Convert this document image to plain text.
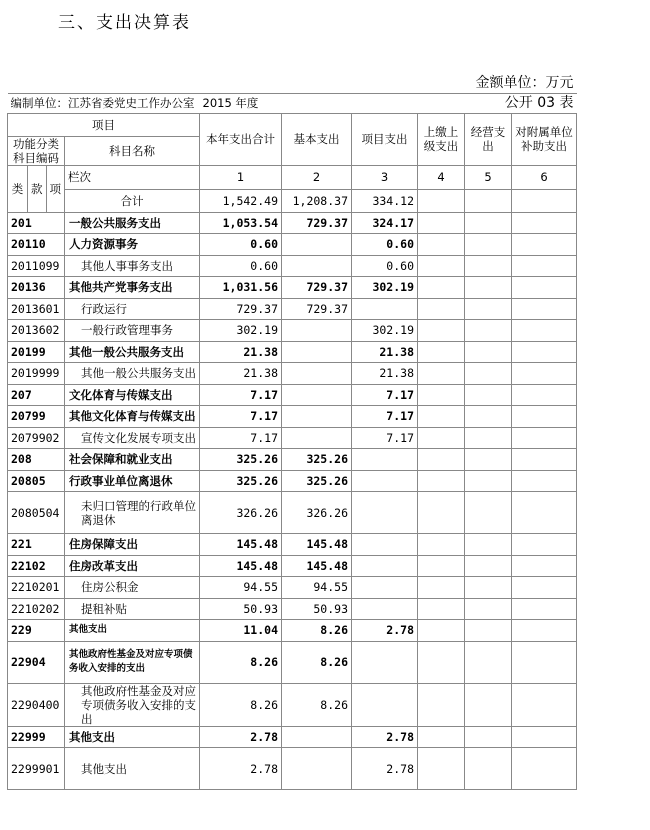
三、支出决算表
							金额单位：万元		
编制单位：江苏省委党史工作办公室				2015 年度		公开 03 表			
项目				本年支出合计	基本支出	项目支出	上缴上级支出	经营支出	对附属单位补助支出
功能分类科目编码			科目名称						

类	款	项	栏次	1	2	3	4	5	6
			合计	1,542.49	1,208.37	334.12			
201			一般公共服务支出	1,053.54	729.37	324.17			
20110			人力资源事务	0.60		0.60			
2011099			其他人事事务支出	0.60		0.60			
20136			其他共产党事务支出	1,031.56	729.37	302.19			
2013601			行政运行	729.37	729.37				
2013602			一般行政管理事务	302.19		302.19			
20199			其他一般公共服务支出	21.38		21.38			
2019999			其他一般公共服务支出	21.38		21.38			
207			文化体育与传媒支出	7.17		7.17			
20799			其他文化体育与传媒支出	7.17		7.17			
2079902			宣传文化发展专项支出	7.17		7.17			
208			社会保障和就业支出	325.26	325.26				
20805			行政事业单位离退休	325.26	325.26				
2080504			未归口管理的行政单位离退休	326.26	326.26				
221			住房保障支出	145.48	145.48				
22102			住房改革支出	145.48	145.48				
2210201			住房公积金	94.55	94.55				
2210202			提租补贴	50.93	50.93				
229			其他支出	11.04	8.26	2.78			
22904			其他政府性基金及对应专项债务收入安排的支出	8.26	8.26				
2290400			其他政府性基金及对应专项债务收入安排的支出	8.26	8.26				
22999			其他支出	2.78		2.78			
2299901			其他支出	2.78		2.78			
